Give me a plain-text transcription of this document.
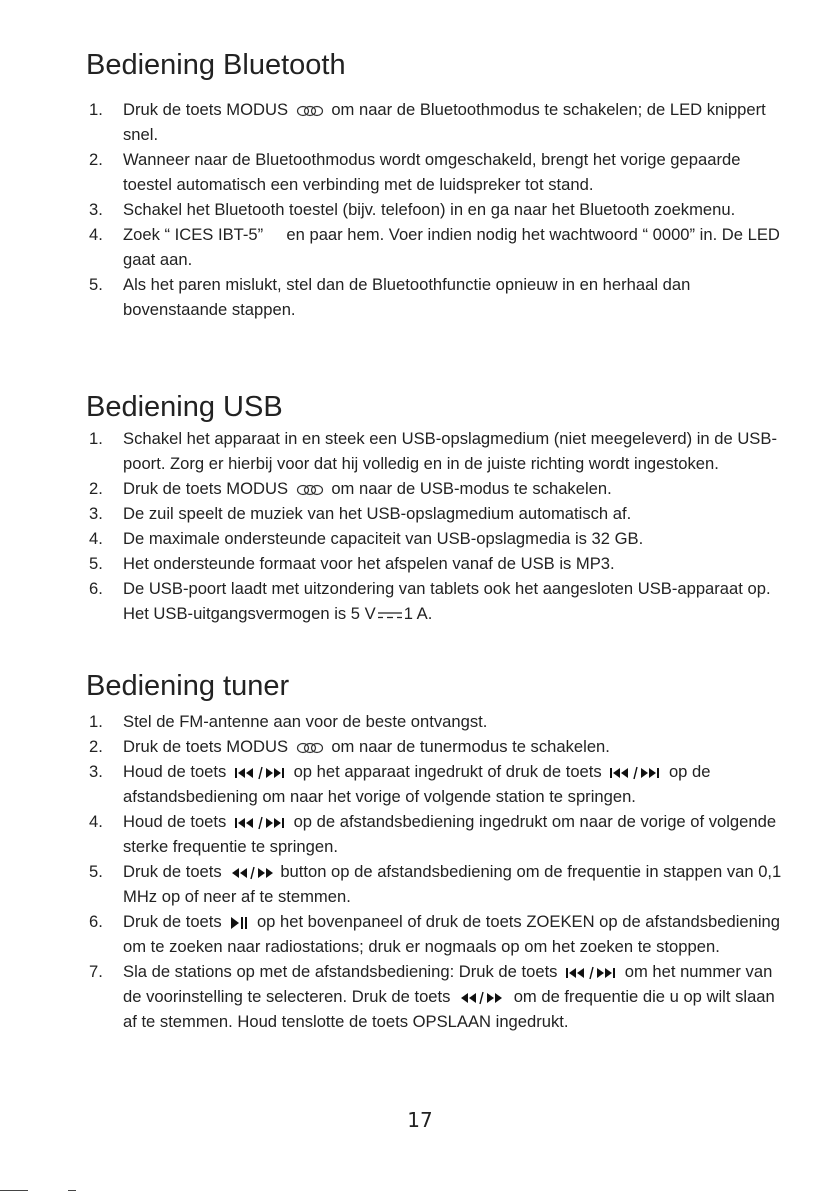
Bediening Bluetooth
1.	Druk de toets MODUS	om naar de Bluetoothmodus te schakelen; de LED knippert snel.
2.	Wanneer naar de Bluetoothmodus wordt omgeschakeld, brengt het vorige gepaarde toestel automatisch een verbinding met de luidspreker tot stand.
3.	Schakel het Bluetooth toestel (bijv. telefoon) in en ga naar het Bluetooth zoekmenu.
4.	Zoek “ ICES IBT-5” en paar hem. Voer indien nodig het wachtwoord “ 0000” in. De LED gaat aan.
5.	Als het paren mislukt, stel dan de Bluetoothfunctie opnieuw in en herhaal dan bovenstaande stappen.
Bediening USB
1.	Schakel het apparaat in en steek een USB-opslagmedium (niet meegeleverd) in de USB-poort. Zorg er hierbij voor dat hij volledig en in de juiste richting wordt ingestoken.
2.	Druk de toets MODUS	om naar de USB-modus te schakelen.
3.	De zuil speelt de muziek van het USB-opslagmedium automatisch af.
4.	De maximale ondersteunde capaciteit van USB-opslagmedia is 32 GB.
5.	Het ondersteunde formaat voor het afspelen vanaf de USB is MP3.
6.	De USB-poort laadt met uitzondering van tablets ook het aangesloten USB-apparaat op. Het USB-uitgangsvermogen is 5 V 1 A.
Bediening tuner
1.	Stel de FM-antenne aan voor de beste ontvangst.
2.	Druk de toets MODUS	om naar de tunermodus te schakelen.
3.	Houd de toets	op het apparaat ingedrukt of druk de toets	op de afstandsbediening om naar het vorige of volgende station te springen.
4.	Houd de toets	op de afstandsbediening ingedrukt om naar de vorige of volgende sterke frequentie te springen.
5.	Druk de toets	button op de afstandsbediening om de frequentie in stappen van 0,1 MHz op of neer af te stemmen.
6.	Druk de toets op het bovenpaneel of druk de toets ZOEKEN op de afstandsbediening om te zoeken naar radiostations; druk er nogmaals op om het zoeken te stoppen.
7.	Sla de stations op met de afstandsbediening: Druk de toets	om het nummer van de voorinstelling te selecteren. Druk de toets	om de frequentie die u op wilt slaan af te stemmen. Houd tenslotte de toets OPSLAAN ingedrukt.
17
